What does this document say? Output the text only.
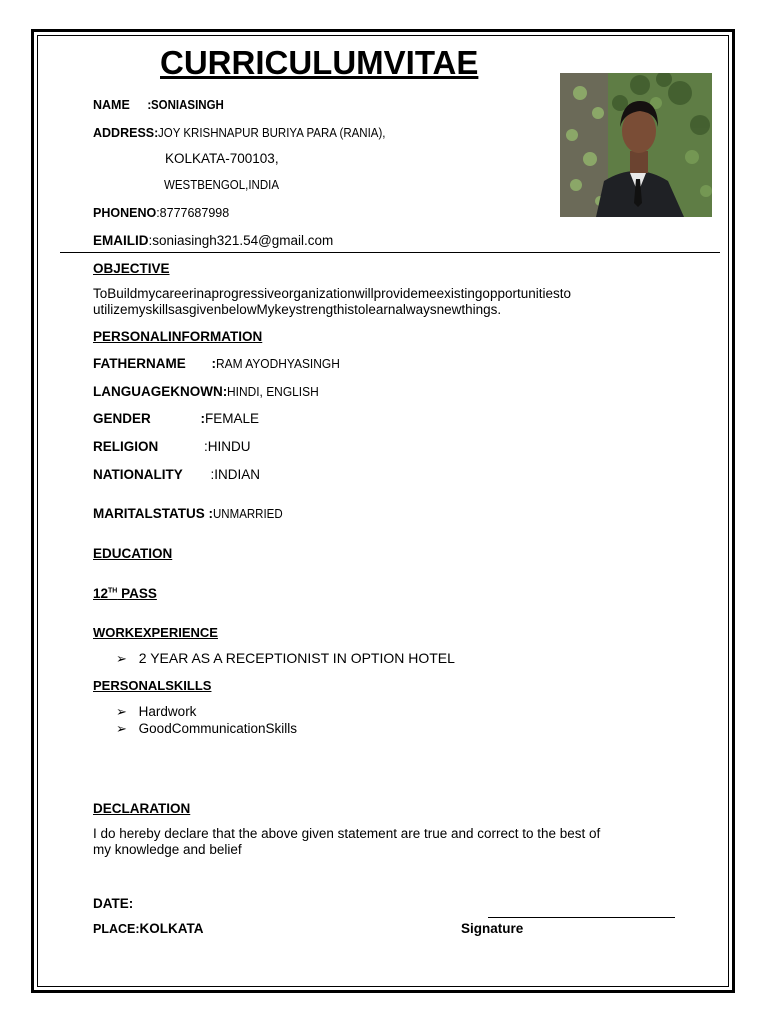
CURRICULUMVITAE
NAME :SONIASINGH
ADDRESS:JOY KRISHNAPUR BURIYA PARA (RANIA),
KOLKATA-700103,
WESTBENGOL,INDIA
PHONENO:8777687998
EMAILID:soniasingh321.54@gmail.com
OBJECTIVE
ToBuildmycareerinaprogressiveorganizationwillprovidemeexistingopportunitiesto
utilizemyskillsasgivenbelowMykeystrengthistolearnalwaysnewthings.
PERSONALINFORMATION
FATHERNAME :RAM AYODHYASINGH
LANGUAGEKNOWN:HINDI, ENGLISH
GENDER	:FEMALE
RELIGION	:HINDU
NATIONALITY :INDIAN
MARITALSTATUS :UNMARRIED
EDUCATION
12TH PASS
WORKEXPERIENCE
➢ 2 YEAR AS A RECEPTIONIST IN OPTION HOTEL
PERSONALSKILLS
➢ Hardwork
➢ GoodCommunicationSkills
DECLARATION
I do hereby declare that the above given statement are true and correct to the best of
my knowledge and belief
DATE:
PLACE:KOLKATA	Signature
